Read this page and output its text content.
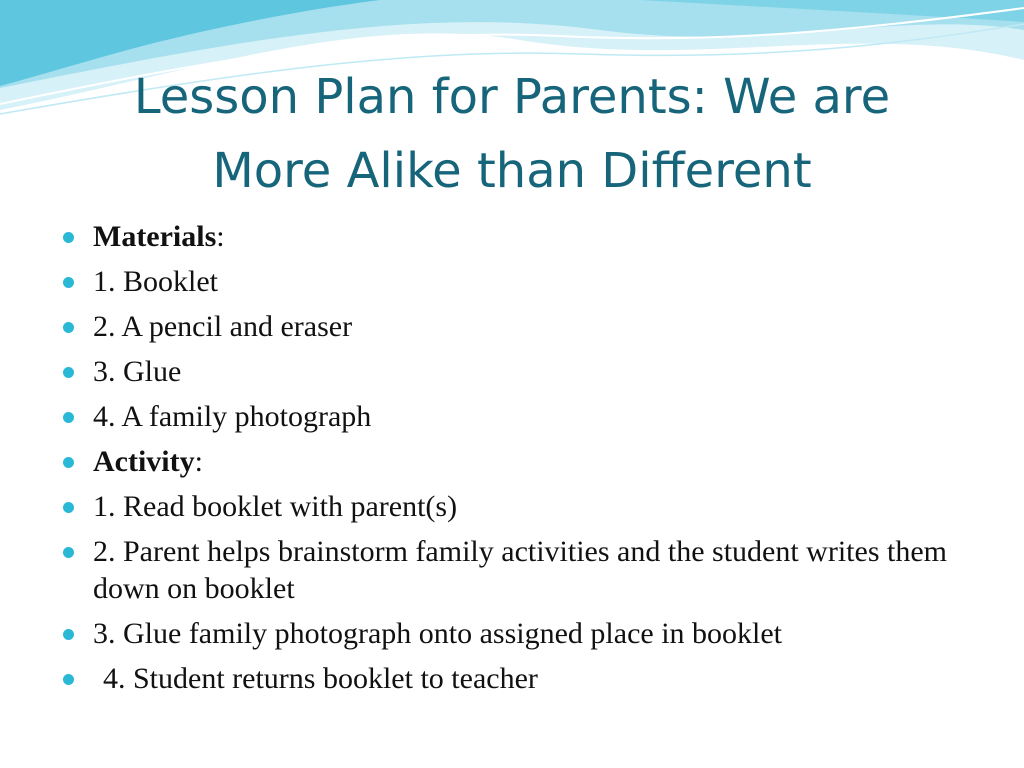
Lesson Plan for Parents: We are
More Alike than Different
Materials:
1. Booklet
2. A pencil and eraser
3. Glue
4. A family photograph
Activity:
1. Read booklet with parent(s)
2. Parent helps brainstorm family activities and the student writes them down on booklet
3. Glue family photograph onto assigned place in booklet
4. Student returns booklet to teacher
